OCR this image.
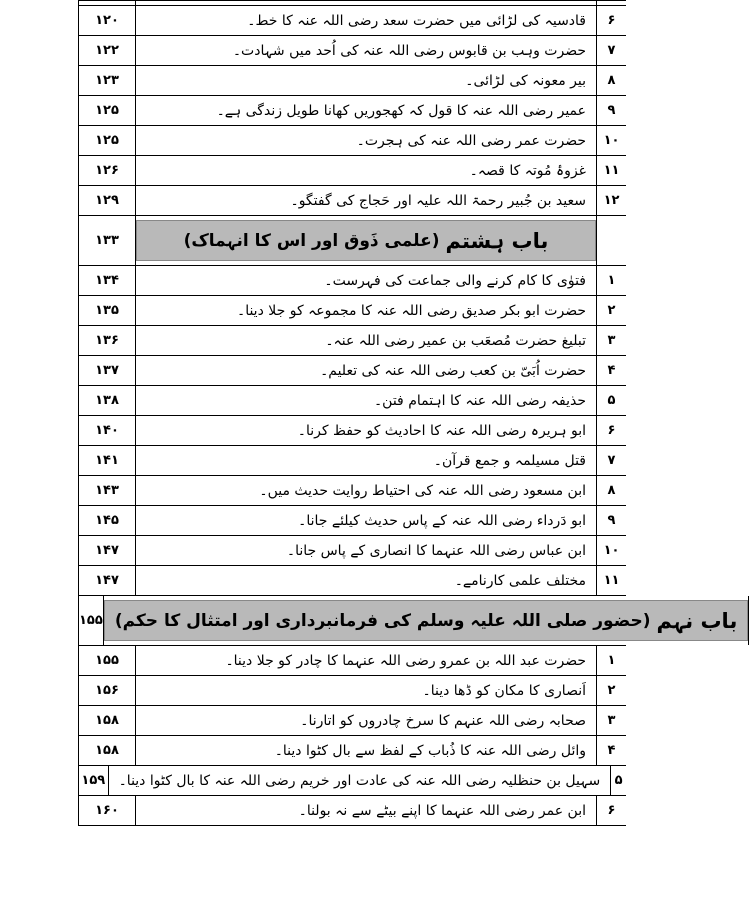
۱۲۰	قادسیہ کی لڑائی میں حضرت سعد رضی اللہ عنہ کا خط۔	۶
۱۲۲	حضرت وہب بن قابوس رضی اللہ عنہ کی اُحد میں شہادت۔	۷
۱۲۳	بیر معونہ کی لڑائی۔	۸
۱۲۵	عمیر رضی اللہ عنہ کا قول کہ کھجوریں کھانا طویل زندگی ہے۔	۹
۱۲۵	حضرت عمر رضی اللہ عنہ کی ہجرت۔	۱۰
۱۲۶	غزوۂ مُوتہ کا قصہ۔	۱۱
۱۲۹	سعید بن جُبیر رحمۃ اللہ علیہ اور حَجاج کی گفتگو۔	۱۲
۱۳۳	باب ہشتم
(علمی ذَوق اور اس کا انہماک)
۱۳۴	فتوٰی کا کام کرنے والی جماعت کی فہرست۔	۱
۱۳۵	حضرت ابو بکر صدیق رضی اللہ عنہ کا مجموعہ کو جلا دینا۔	۲
۱۳۶	تبلیغ حضرت مُصعَب بن عمیر رضی اللہ عنہ۔	۳
۱۳۷	حضرت اُبَیّ بن کعب رضی اللہ عنہ کی تعلیم۔	۴
۱۳۸	حذیفہ رضی اللہ عنہ کا اہتمام فتن۔	۵
۱۴۰	ابو ہریرہ رضی اللہ عنہ کا احادیث کو حفظ کرنا۔	۶
۱۴۱	قتل مسیلمہ و جمع قرآن۔	۷
۱۴۳	ابن مسعود رضی اللہ عنہ کی احتیاط روایت حدیث میں۔	۸
۱۴۵	ابو دَرداء رضی اللہ عنہ کے پاس حدیث کیلئے جانا۔	۹
۱۴۷	ابن عباس رضی اللہ عنہما کا انصاری کے پاس جانا۔	۱۰
۱۴۷	مختلف علمی کارنامے۔	۱۱
۱۵۵	باب نہم
(حضور صلی اللہ علیہ وسلم کی فرمانبرداری اور امتثال کا حکم)
۱۵۵	حضرت عبد اللہ بن عمرو رضی اللہ عنہما کا چادر کو جلا دینا۔	۱
۱۵۶	اَنصاری کا مکان کو ڈھا دینا۔	۲
۱۵۸	صحابہ رضی اللہ عنہم کا سرخ چادروں کو اتارنا۔	۳
۱۵۸	وائل رضی اللہ عنہ کا ذُباب کے لفظ سے بال کٹوا دینا۔	۴
۱۵۹ سہیل بن حنظلیہ رضی اللہ عنہ کی عادت اور خریم رضی اللہ عنہ کا بال کٹوا دینا۔	۵
۱۶۰	ابن عمر رضی اللہ عنہما کا اپنے بیٹے سے نہ بولنا۔	۶
